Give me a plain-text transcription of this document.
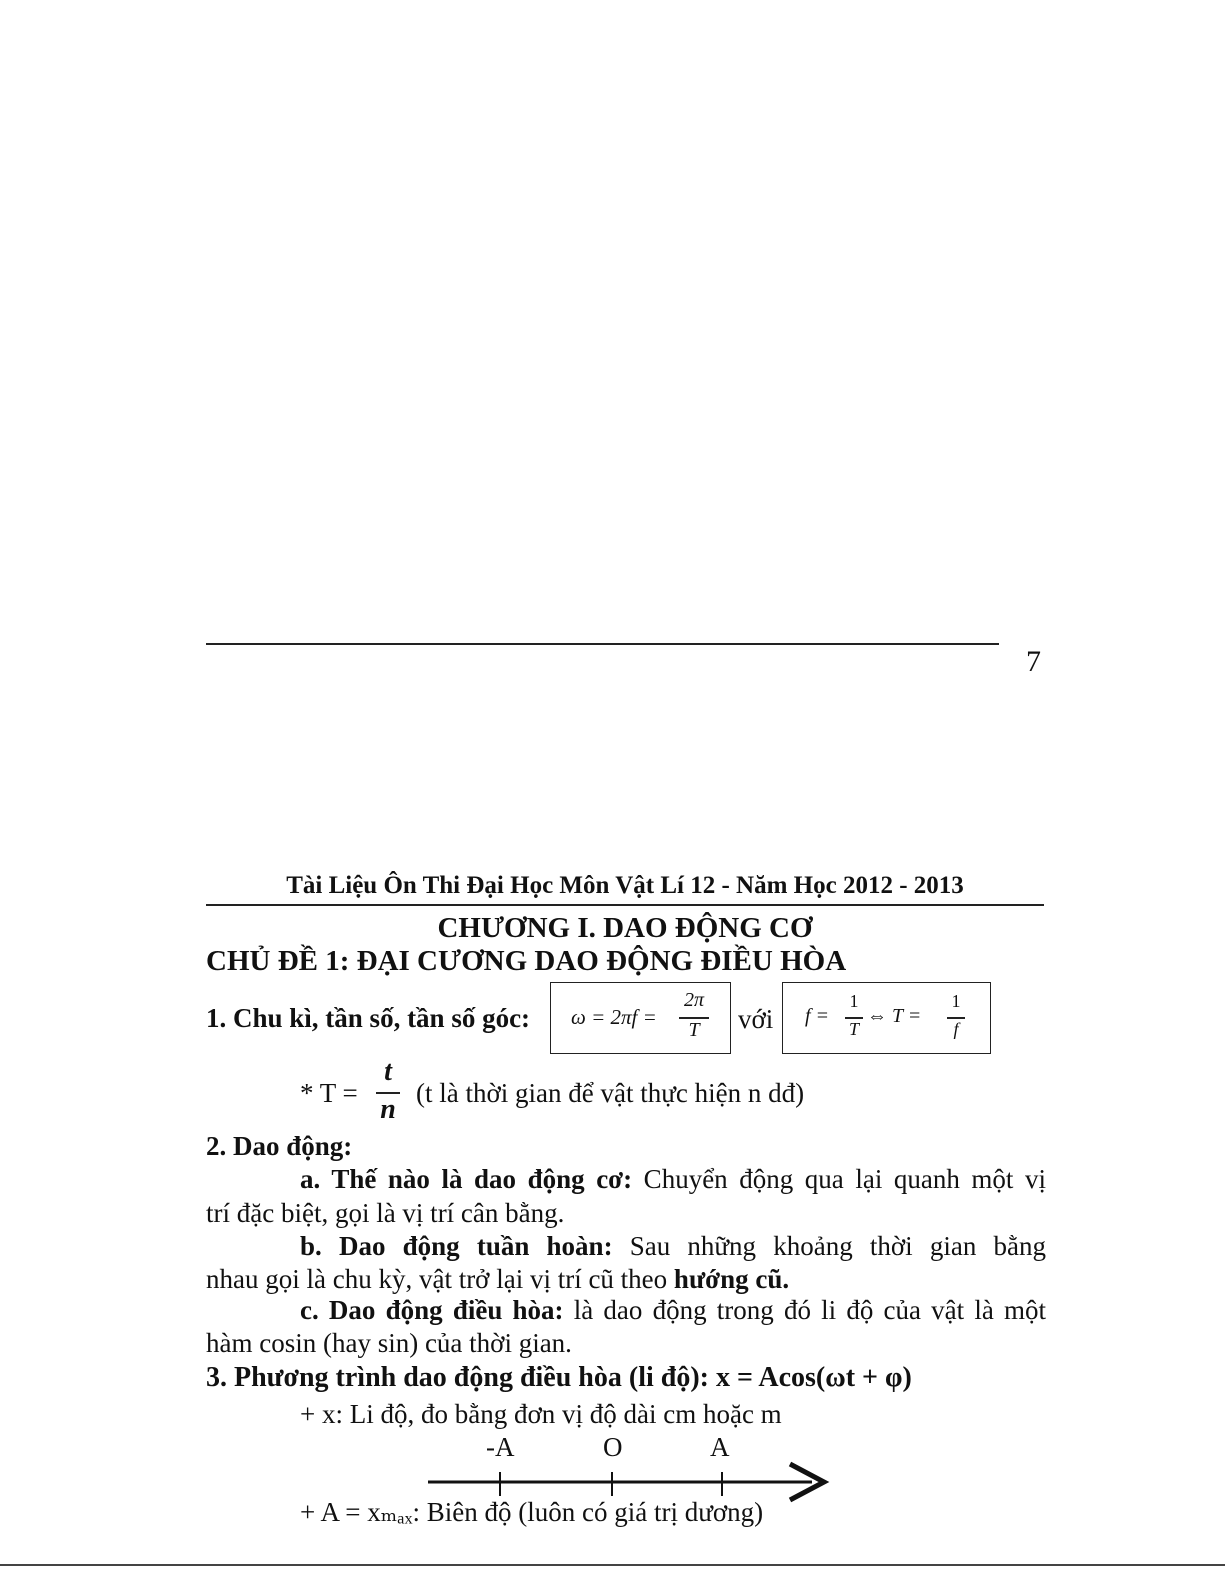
7
Tài Liệu Ôn Thi Đại Học Môn Vật Lí 12 - Năm Học 2012 - 2013
CHƯƠNG I. DAO ĐỘNG CƠ
CHỦ ĐỀ 1: ĐẠI CƯƠNG DAO ĐỘNG ĐIỀU HÒA
1. Chu kì, tần số, tần số góc: ω = 2πf =
2π
T	với f =
1
T
⇔ T =
1
f
* T =
t
n
(t là thời gian để vật thực hiện n dđ)
2. Dao động:
a. Thế nào là dao động cơ: Chuyển động qua lại quanh một vị
trí đặc biệt, gọi là vị trí cân bằng.
b. Dao động tuần hoàn: Sau những khoảng thời gian bằng
nhau gọi là chu kỳ, vật trở lại vị trí cũ theo hướng cũ.
c. Dao động điều hòa: là dao động trong đó li độ của vật là một
hàm cosin (hay sin) của thời gian.
3. Phương trình dao động điều hòa (li độ): x = Acos(ωt + φ)
+ x: Li độ, đo bằng đơn vị độ dài cm hoặc m
-A	O	A
+ A = xₘₐₓ: Biên độ (luôn có giá trị dương)
